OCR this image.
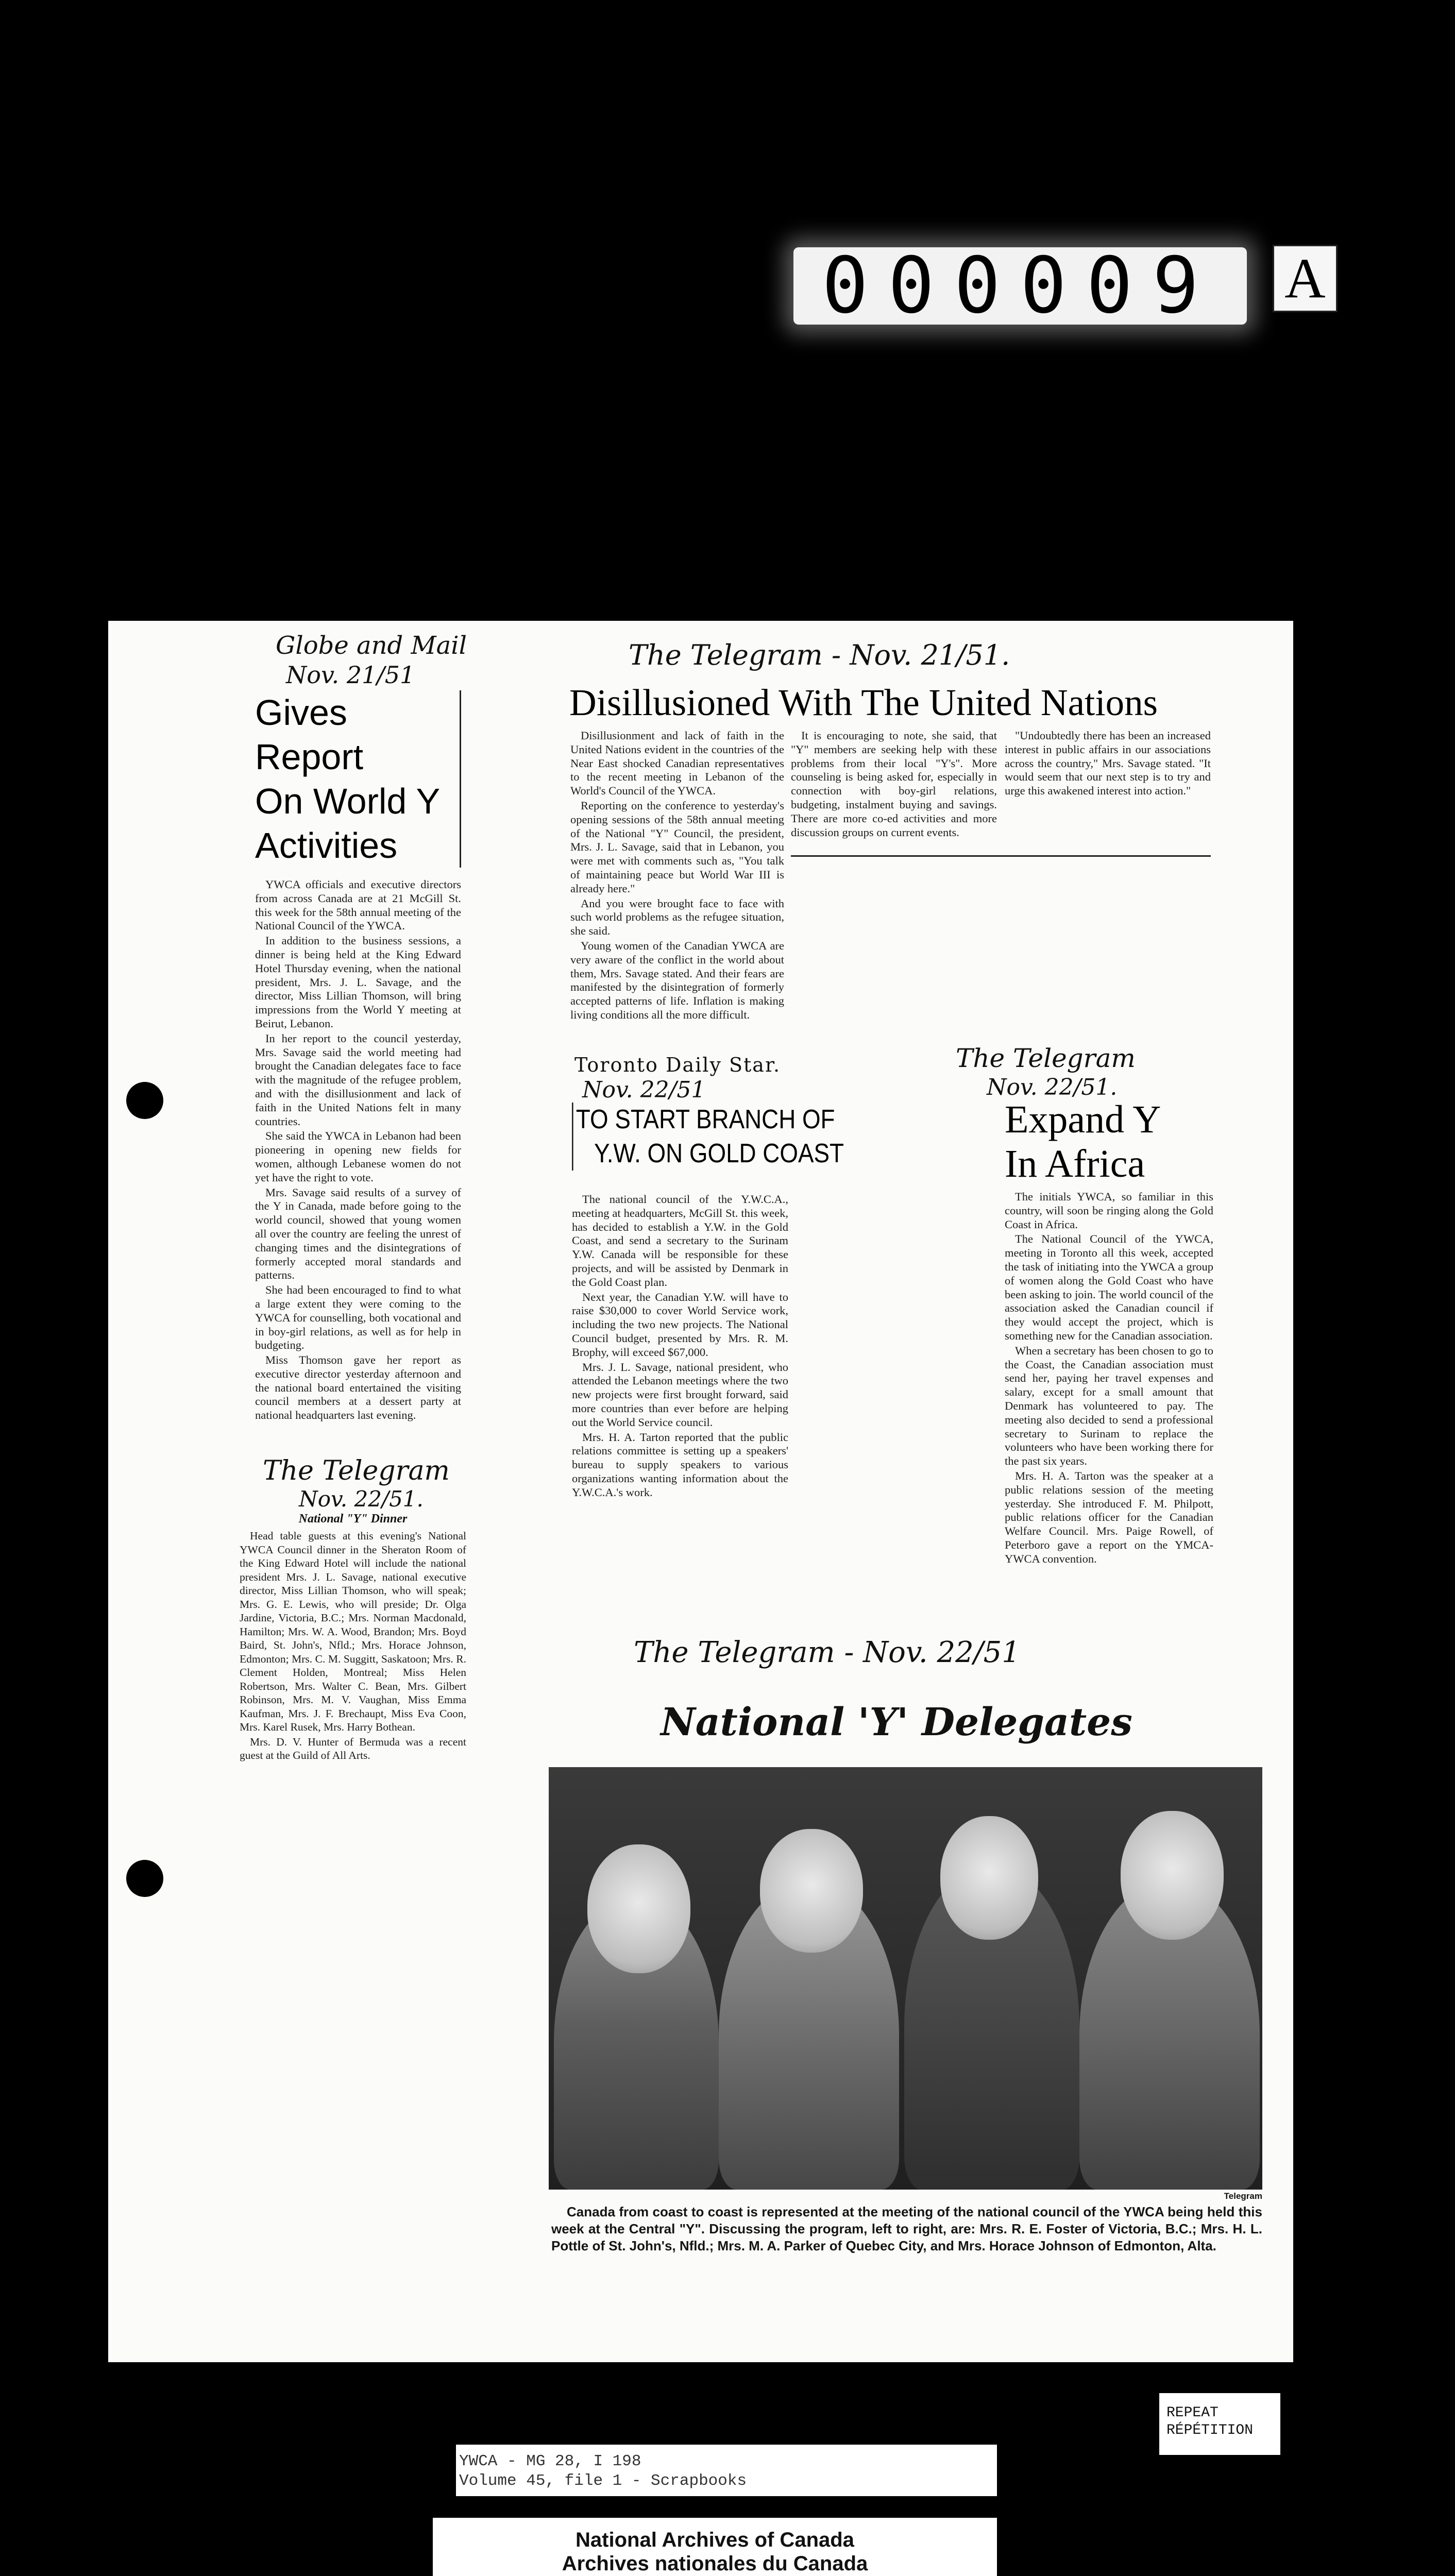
000009	A
Globe and Mail
Nov. 21/51
Gives Report
On World Y
Activities

YWCA officials and executive directors from across Canada are at 21 McGill St. this week for the 58th annual meeting of the National Council of the YWCA.

In addition to the business sessions, a dinner is being held at the King Edward Hotel Thursday evening, when the national president, Mrs. J. L. Savage, and the director, Miss Lillian Thomson, will bring impressions from the World Y meeting at Beirut, Lebanon.

In her report to the council yesterday, Mrs. Savage said the world meeting had brought the Canadian delegates face to face with the magnitude of the refugee problem, and with the disillusionment and lack of faith in the United Nations felt in many countries.

She said the YWCA in Lebanon had been pioneering in opening new fields for women, although Lebanese women do not yet have the right to vote.

Mrs. Savage said results of a survey of the Y in Canada, made before going to the world council, showed that young women all over the country are feeling the unrest of changing times and the disintegrations of formerly accepted moral standards and patterns.

She had been encouraged to find to what a large extent they were coming to the YWCA for counselling, both vocational and in boy-girl relations, as well as for help in budgeting.

Miss Thomson gave her report as executive director yesterday afternoon and the national board entertained the visiting council members at a dessert party at national headquarters last evening.

The Telegram - Nov. 21/51.
Disillusioned With The United Nations

Disillusionment and lack of faith in the United Nations evident in the countries of the Near East shocked Canadian representatives to the recent meeting in Lebanon of the World's Council of the YWCA.

Reporting on the conference to yesterday's opening sessions of the 58th annual meeting of the National "Y" Council, the president, Mrs. J. L. Savage, said that in Lebanon, you were met with comments such as, "You talk of maintaining peace but World War III is already here."

And you were brought face to face with such world problems as the refugee situation, she said.

Young women of the Canadian YWCA are very aware of the conflict in the world about them, Mrs. Savage stated. And their fears are manifested by the disintegration of formerly accepted patterns of life. Inflation is making living conditions all the more difficult.

It is encouraging to note, she said, that "Y" members are seeking help with these problems from their local "Y's". More counseling is being asked for, especially in connection with boy-girl relations, budgeting, instalment buying and savings. There are more co-ed activities and more discussion groups on current events.

"Undoubtedly there has been an increased interest in public affairs in our associations across the country," Mrs. Savage stated. "It would seem that our next step is to try and urge this awakened interest into action."

Toronto Daily Star.
Nov. 22/51
TO START BRANCH OF
Y.W. ON GOLD COAST

The national council of the Y.W.C.A., meeting at headquarters, McGill St. this week, has decided to establish a Y.W. in the Gold Coast, and send a secretary to the Surinam Y.W. Canada will be responsible for these projects, and will be assisted by Denmark in the Gold Coast plan.

Next year, the Canadian Y.W. will have to raise $30,000 to cover World Service work, including the two new projects. The National Council budget, presented by Mrs. R. M. Brophy, will exceed $67,000.

Mrs. J. L. Savage, national president, who attended the Lebanon meetings where the two new projects were first brought forward, said more countries than ever before are helping out the World Service council.

Mrs. H. A. Tarton reported that the public relations committee is setting up a speakers' bureau to supply speakers to various organizations wanting information about the Y.W.C.A.'s work.

The Telegram
Nov. 22/51.
Expand Y
In Africa

The initials YWCA, so familiar in this country, will soon be ringing along the Gold Coast in Africa.

The National Council of the YWCA, meeting in Toronto all this week, accepted the task of initiating into the YWCA a group of women along the Gold Coast who have been asking to join. The world council of the association asked the Canadian council if they would accept the project, which is something new for the Canadian association.

When a secretary has been chosen to go to the Coast, the Canadian association must send her, paying her travel expenses and salary, except for a small amount that Denmark has volunteered to pay. The meeting also decided to send a professional secretary to Surinam to replace the volunteers who have been working there for the past six years.

Mrs. H. A. Tarton was the speaker at a public relations session of the meeting yesterday. She introduced F. M. Philpott, public relations officer for the Canadian Welfare Council. Mrs. Paige Rowell, of Peterboro gave a report on the YMCA-YWCA convention.

The Telegram
Nov. 22/51.
National "Y" Dinner

Head table guests at this evening's National YWCA Council dinner in the Sheraton Room of the King Edward Hotel will include the national president Mrs. J. L. Savage, national executive director, Miss Lillian Thomson, who will speak; Mrs. G. E. Lewis, who will preside; Dr. Olga Jardine, Victoria, B.C.; Mrs. Norman Macdonald, Hamilton; Mrs. W. A. Wood, Brandon; Mrs. Boyd Baird, St. John's, Nfld.; Mrs. Horace Johnson, Edmonton; Mrs. C. M. Suggitt, Saskatoon; Mrs. R. Clement Holden, Montreal; Miss Helen Robertson, Mrs. Walter C. Bean, Mrs. Gilbert Robinson, Mrs. M. V. Vaughan, Miss Emma Kaufman, Mrs. J. F. Brechaupt, Miss Eva Coon, Mrs. Karel Rusek, Mrs. Harry Bothean.

Mrs. D. V. Hunter of Bermuda was a recent guest at the Guild of All Arts.

The Telegram - Nov. 22/51
National 'Y' Delegates
Telegram
Canada from coast to coast is represented at the meeting of the national council of the YWCA being held this week at the Central "Y". Discussing the program, left to right, are: Mrs. R. E. Foster of Victoria, B.C.; Mrs. H. L. Pottle of St. John's, Nfld.; Mrs. M. A. Parker of Quebec City, and Mrs. Horace Johnson of Edmonton, Alta.
REPEAT
RÉPÉTITION
YWCA - MG 28, I 198
Volume 45, file 1 - Scrapbooks
National Archives of Canada
Archives nationales du Canada
